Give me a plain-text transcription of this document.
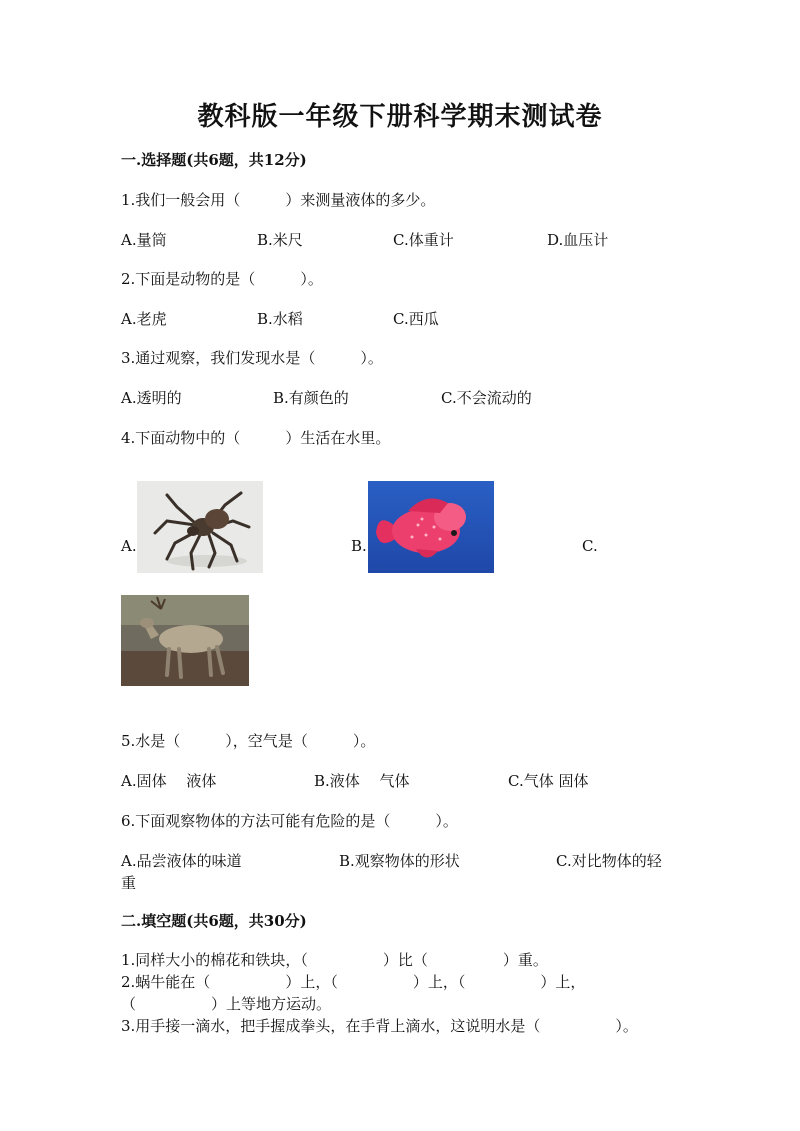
教科版一年级下册科学期末测试卷
一.选择题(共6题，共12分)
1.我们一般会用（　　　）来测量液体的多少。
A.量筒	B.米尺	C.体重计	D.血压计
2.下面是动物的是（　　　）。
A.老虎	B.水稻	C.西瓜
3.通过观察，我们发现水是（　　　）。
A.透明的	B.有颜色的	C.不会流动的
4.下面动物中的（　　　）生活在水里。
A.	B.	C.
5.水是（　　　），空气是（　　　）。
A.固体　 液体	B.液体　 气体	C.气体 固体
6.下面观察物体的方法可能有危险的是（　　　）。
A.品尝液体的味道	B.观察物体的形状	C.对比物体的轻
重
二.填空题(共6题，共30分)
1.同样大小的棉花和铁块，（　　　　　）比（　　　　　）重。
2.蜗牛能在（　　　　　）上，（　　　　　）上，（　　　　　）上，
（　　　　　）上等地方运动。
3.用手接一滴水，把手握成拳头，在手背上滴水，这说明水是（　　　　　）。
